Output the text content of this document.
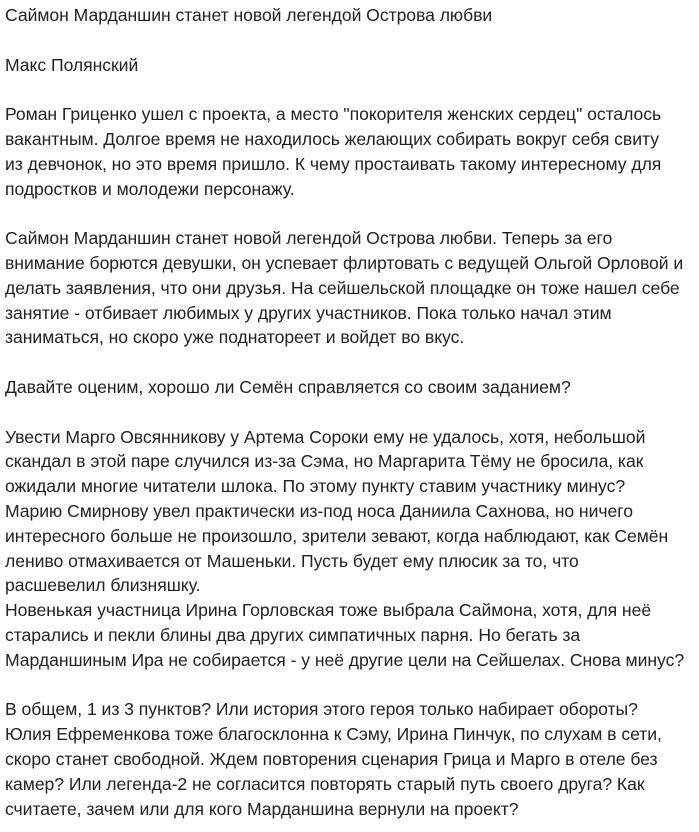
Саймон Марданшин станет новой легендой Острова любви
Макс Полянский
Роман Гриценко ушел с проекта, а место "покорителя женских сердец" осталось
вакантным. Долгое время не находилось желающих собирать вокруг себя свиту
из девчонок, но это время пришло. К чему простаивать такому интересному для
подростков и молодежи персонажу.
Саймон Марданшин станет новой легендой Острова любви. Теперь за его
внимание борются девушки, он успевает флиртовать с ведущей Ольгой Орловой и
делать заявления, что они друзья. На сейшельской площадке он тоже нашел себе
занятие - отбивает любимых у других участников. Пока только начал этим
заниматься, но скоро уже поднатореет и войдет во вкус.
Давайте оценим, хорошо ли Семён справляется со своим заданием?
Увести Марго Овсянникову у Артема Сороки ему не удалось, хотя, небольшой
скандал в этой паре случился из-за Сэма, но Маргарита Тёму не бросила, как
ожидали многие читатели шлока. По этому пункту ставим участнику минус?
Марию Смирнову увел практически из-под носа Даниила Сахнова, но ничего
интересного больше не произошло, зрители зевают, когда наблюдают, как Семён
лениво отмахивается от Машеньки. Пусть будет ему плюсик за то, что
расшевелил близняшку.
Новенькая участница Ирина Горловская тоже выбрала Саймона, хотя, для неё
старались и пекли блины два других симпатичных парня. Но бегать за
Марданшиным Ира не собирается - у неё другие цели на Сейшелах. Снова минус?
В общем, 1 из 3 пунктов? Или история этого героя только набирает обороты?
Юлия Ефременкова тоже благосклонна к Сэму, Ирина Пинчук, по слухам в сети,
скоро станет свободной. Ждем повторения сценария Грица и Марго в отеле без
камер? Или легенда-2 не согласится повторять старый путь своего друга? Как
считаете, зачем или для кого Марданшина вернули на проект?
